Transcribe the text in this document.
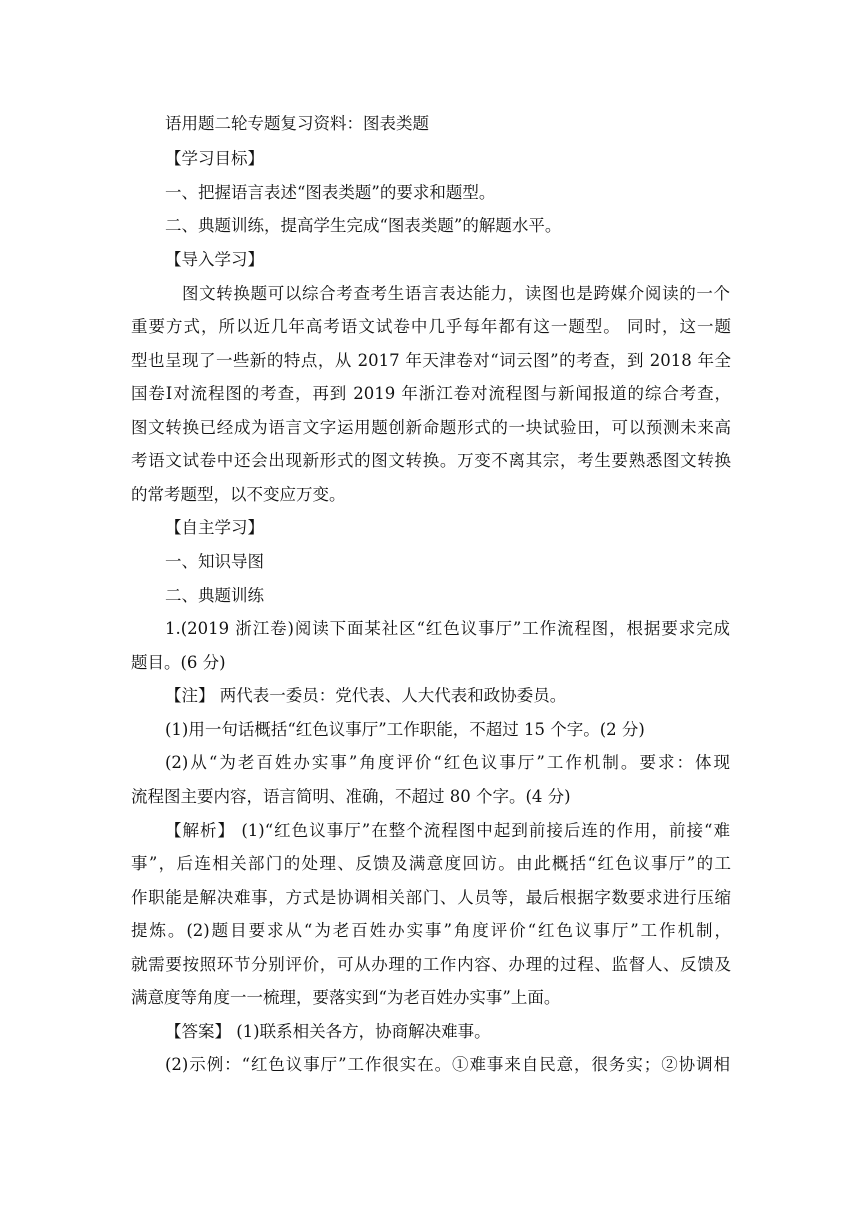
语用题二轮专题复习资料：图表类题
【学习目标】
一、把握语言表述“图表类题”的要求和题型。
二、典题训练，提高学生完成“图表类题”的解题水平。
【导入学习】
图文转换题可以综合考查考生语言表达能力，读图也是跨媒介阅读的一个
重要方式，所以近几年高考语文试卷中几乎每年都有这一题型。 同时，这一题
型也呈现了一些新的特点，从 2017 年天津卷对“词云图”的考查，到 2018 年全
国卷Ⅰ对流程图的考查，再到 2019 年浙江卷对流程图与新闻报道的综合考查，
图文转换已经成为语言文字运用题创新命题形式的一块试验田，可以预测未来高
考语文试卷中还会出现新形式的图文转换。万变不离其宗，考生要熟悉图文转换
的常考题型，以不变应万变。
【自主学习】
一、知识导图
二、典题训练
1.(2019 浙江卷)阅读下面某社区“红色议事厅”工作流程图，根据要求完成
题目。(6 分)
【注】 两代表一委员：党代表、人大代表和政协委员。
(1)用一句话概括“红色议事厅”工作职能，不超过 15 个字。(2 分)
(2)从“为老百姓办实事”角度评价“红色议事厅”工作机制。要求：体现
流程图主要内容，语言简明、准确，不超过 80 个字。(4 分)
【解析】 (1)“红色议事厅”在整个流程图中起到前接后连的作用，前接“难
事”，后连相关部门的处理、反馈及满意度回访。由此概括“红色议事厅”的工
作职能是解决难事，方式是协调相关部门、人员等，最后根据字数要求进行压缩
提炼。(2)题目要求从“为老百姓办实事”角度评价“红色议事厅”工作机制，
就需要按照环节分别评价，可从办理的工作内容、办理的过程、监督人、反馈及
满意度等角度一一梳理，要落实到“为老百姓办实事”上面。
【答案】 (1)联系相关各方，协商解决难事。
(2)示例：“红色议事厅”工作很实在。①难事来自民意，很务实；②协调相
